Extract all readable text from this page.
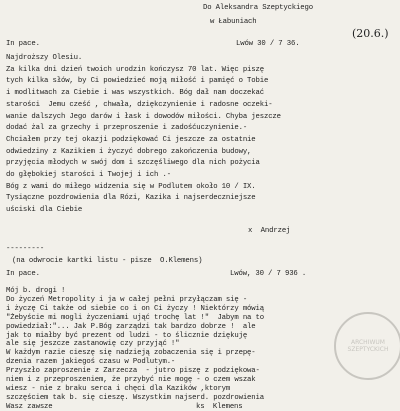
Do Aleksandra Szeptyckiego
w Łabuniach
(20.6.)
In pace.	Lwów 30 / 7 36.
Najdroższy Olesiu.
Za kilka dni dzień twoich urodzin kończysz 70 lat. Więc piszę
tych kilka słów, by Ci powiedzieć moją miłość i pamięć o Tobie
i modlitwach za Ciebie i was wszystkich. Bóg dał nam doczekać
starości  Jemu cześć , chwała, dziękczynienie i radosne oczeki-
wanie dalszych Jego darów i łask i dowodów miłości. Chyba jeszcze
dodać żal za grzechy i przeproszenie i zadośćuczynienie.-
Chciałem przy tej okazji podziękować Ci jeszcze za ostatnie
odwiedziny z Kazikiem i życzyć dobrego zakończenia budowy,
przyjęcia młodych w swój dom i szczęśliwego dla nich pożycia
do głębokiej starości i Twojej i ich .-
Bóg z wami do miłego widzenia się w Podlutem około 10 / IX.
Tysiączne pozdrowienia dla Rózi, Kazika i najserdeczniejsze
uściski dla Ciebie
x  Andrzej
---------
(na odwrocie kartki listu - pisze  O.Klemens)
In pace.	Lwów, 30 / 7 936 .
Mój b. drogi !
Do życzeń Metropolity i ja w całej pełni przyłączam się -
i życzę Ci także od siebie co i on Ci życzy ! Niektórzy mówią
"Żebyście mi mogli życzeniami ująć trochę lat !"  Jabym na to
powiedział:"... Jak P.Bóg zarządzi tak bardzo dobrze !  ale
jak to miałby być prezent od ludzi - to ślicznie dziękuję
ale się jeszcze zastanowię czy przyjąć !"
W każdym razie cieszę się nadzieją zobaczenia się i przepę-
dzenia razem jakiegoś czasu w Podlutym.-
Przyszło zaproszenie z Zarzecza  - jutro piszę z podziękowa-
niem i z przeproszeniem, że przybyć nie mogę - o czem wszak
wiesz - nie z braku serca i chęci dla Kazików ,ktorym
szczęściem tak b. się cieszę. Wszystkim najserd. pozdrowienia
Wasz zawsze	ks  Klemens
ARCHIWUM SZEPTYCKICH
